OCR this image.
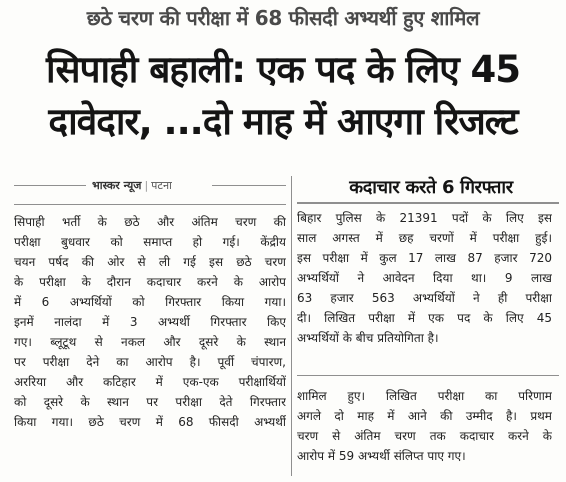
छठे चरण की परीक्षा में 68 फीसदी अभ्यर्थी हुए शामिल
सिपाही बहाली: एक पद के लिए 45
दावेदार, ...दो माह में आएगा रिजल्ट
भास्कर न्यूज | पटना	कदाचार करते 6 गिरफ्तार
सिपाही भर्ती के छठे और अंतिम चरण की
परीक्षा बुधवार को समाप्त हो गई। केंद्रीय
चयन पर्षद की ओर से ली गई इस छठे चरण
के परीक्षा के दौरान कदाचार करने के आरोप
में 6 अभ्यर्थियों को गिरफ्तार किया गया।
इनमें नालंदा में 3 अभ्यर्थी गिरफ्तार किए
गए। ब्लूटूथ से नकल और दूसरे के स्थान
पर परीक्षा देने का आरोप है। पूर्वी चंपारण,
अररिया और कटिहार में एक-एक परीक्षार्थियों
को दूसरे के स्थान पर परीक्षा देते गिरफ्तार
किया गया। छठे चरण में 68 फीसदी अभ्यर्थी
बिहार पुलिस के 21391 पदों के लिए इस
साल अगस्त में छह चरणों में परीक्षा हुई।
इस परीक्षा में कुल 17 लाख 87 हजार 720
अभ्यर्थियों ने आवेदन दिया था। 9 लाख
63 हजार 563 अभ्यर्थियों ने ही परीक्षा
दी। लिखित परीक्षा में एक पद के लिए 45
अभ्यर्थियों के बीच प्रतियोगिता है।
शामिल हुए। लिखित परीक्षा का परिणाम
अगले दो माह में आने की उम्मीद है। प्रथम
चरण से अंतिम चरण तक कदाचार करने के
आरोप में 59 अभ्यर्थी संलिप्त पाए गए।
